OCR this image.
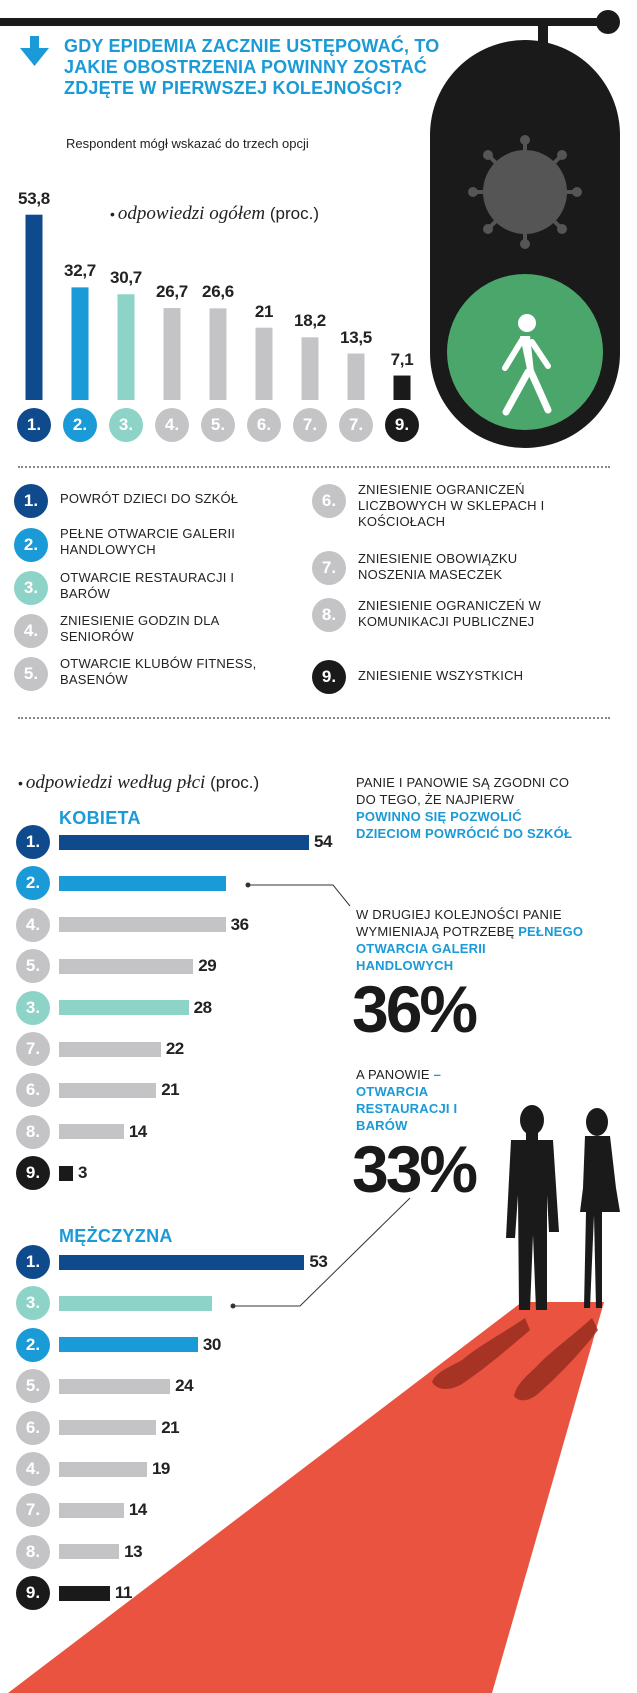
GDY EPIDEMIA ZACZNIE USTĘPOWAĆ, TO JAKIE OBOSTRZENIA POWINNY ZOSTAĆ ZDJĘTE W PIERWSZEJ KOLEJNOŚCI?
Respondent mógł wskazać do trzech opcji
• odpowiedzi ogółem (proc.)
53,8
32,7 30,7
26,7 26,6
21
18,2
13,5
7,1
1.	2.	3.	4.	5.	6.	7.	7.	9.
1.	POWRÓT DZIECI DO SZKÓŁ
2.
PEŁNE OTWARCIE GALERII HANDLOWYCH
3.
OTWARCIE RESTAURACJI I BARÓW
4.
ZNIESIENIE GODZIN DLA SENIORÓW
5.
OTWARCIE KLUBÓW FITNESS, BASENÓW
6.
ZNIESIENIE OGRANICZEŃ LICZBOWYCH W SKLEPACH I KOŚCIOŁACH
7.	ZNIESIENIE OBOWIĄZKU NOSZENIA MASECZEK
8.	ZNIESIENIE OGRANICZEŃ W KOMUNIKACJI PUBLICZNEJ
9.	ZNIESIENIE WSZYSTKICH
• odpowiedzi według płci (proc.)
KOBIETA
MĘŻCZYZNA
1.	54
2.
4.	36
5.	29
3.	28
7.	22
6.	21
8.	14
9.	3
1.	53
3.
2.	30
5.	24
6.	21
4.	19
7.	14
8.	13
9.	11
PANIE I PANOWIE SĄ ZGODNI CO DO TEGO, ŻE NAJPIERW POWINNO SIĘ POZWOLIĆ DZIECIOM POWRÓCIĆ DO SZKÓŁ
W DRUGIEJ KOLEJNOŚCI PANIE WYMIENIAJĄ POTRZEBĘ PEŁNEGO OTWARCIA GALERII HANDLOWYCH
36%
A PANOWIE – OTWARCIA RESTAURACJI I BARÓW
33%
